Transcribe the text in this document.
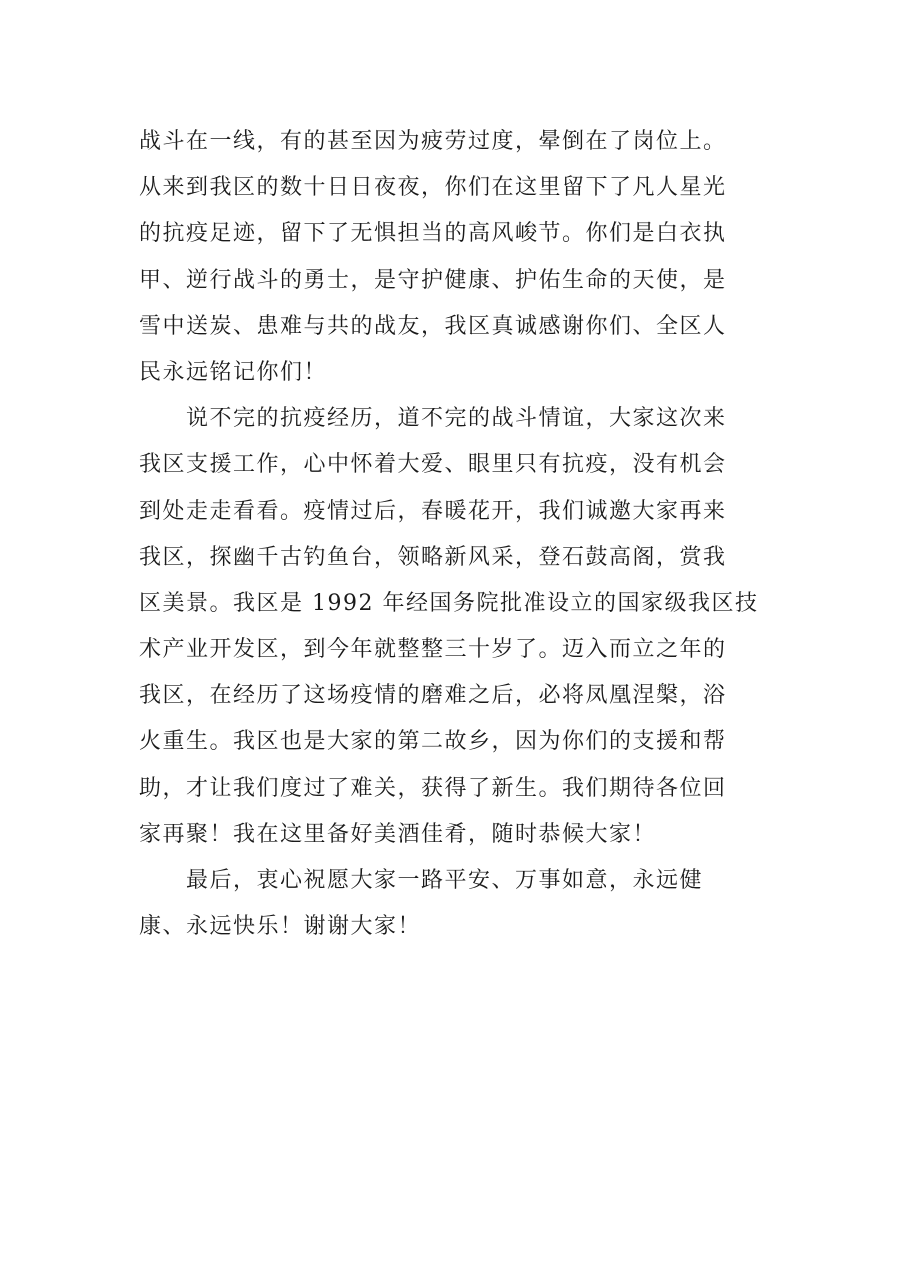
战斗在一线，有的甚至因为疲劳过度，晕倒在了岗位上。
从来到我区的数十日日夜夜，你们在这里留下了凡人星光
的抗疫足迹，留下了无惧担当的高风峻节。你们是白衣执
甲、逆行战斗的勇士，是守护健康、护佑生命的天使，是
雪中送炭、患难与共的战友，我区真诚感谢你们、全区人
民永远铭记你们！
说不完的抗疫经历，道不完的战斗情谊，大家这次来
我区支援工作，心中怀着大爱、眼里只有抗疫，没有机会
到处走走看看。疫情过后，春暖花开，我们诚邀大家再来
我区，探幽千古钓鱼台，领略新风采，登石鼓高阁，赏我
区美景。我区是 1992 年经国务院批准设立的国家级我区技
术产业开发区，到今年就整整三十岁了。迈入而立之年的
我区，在经历了这场疫情的磨难之后，必将凤凰涅槃，浴
火重生。我区也是大家的第二故乡，因为你们的支援和帮
助，才让我们度过了难关，获得了新生。我们期待各位回
家再聚！我在这里备好美酒佳肴，随时恭候大家！
最后，衷心祝愿大家一路平安、万事如意，永远健
康、永远快乐！谢谢大家！
